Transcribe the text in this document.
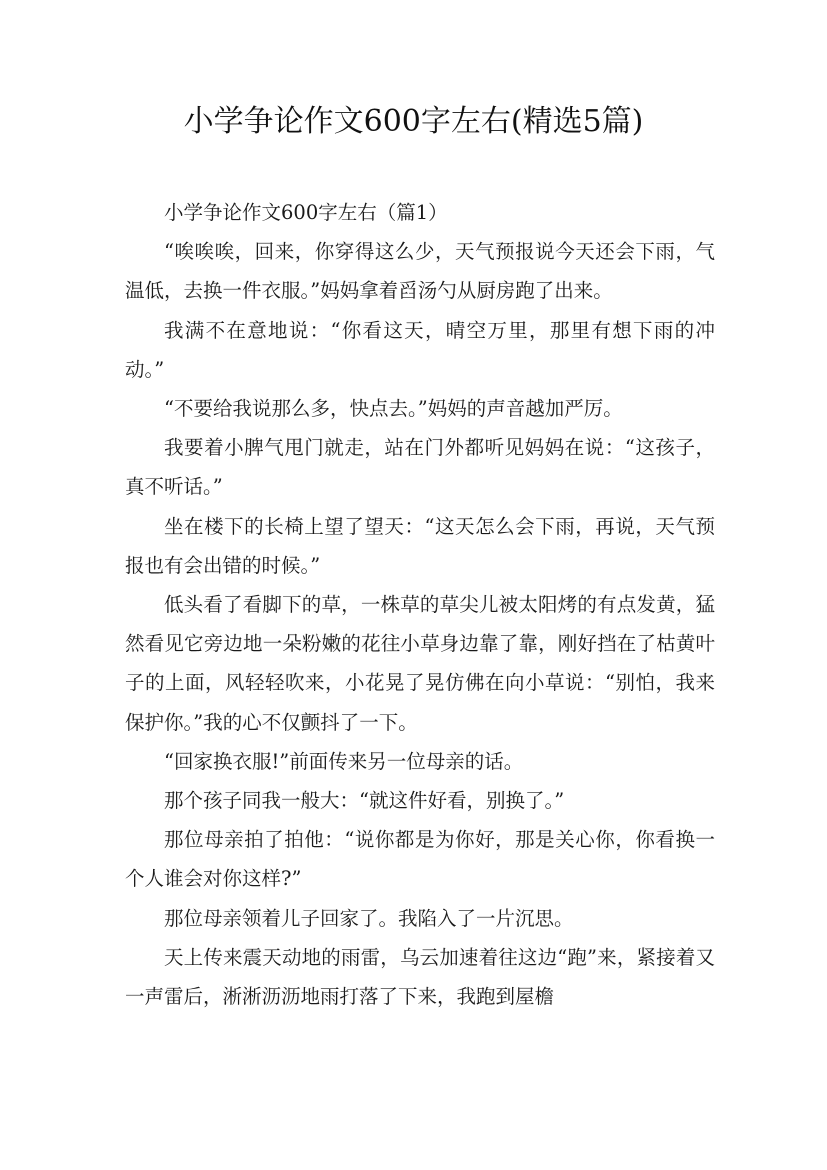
小学争论作文600字左右(精选5篇)

小学争论作文600字左右（篇1）

“唉唉唉，回来，你穿得这么少，天气预报说今天还会下雨，气温低，去换一件衣服。”妈妈拿着舀汤勺从厨房跑了出来。

我满不在意地说：“你看这天，晴空万里，那里有想下雨的冲动。”

“不要给我说那么多，快点去。”妈妈的声音越加严厉。

我要着小脾气甩门就走，站在门外都听见妈妈在说：“这孩子，真不听话。”

坐在楼下的长椅上望了望天：“这天怎么会下雨，再说，天气预报也有会出错的时候。”

低头看了看脚下的草，一株草的草尖儿被太阳烤的有点发黄，猛然看见它旁边地一朵粉嫩的花往小草身边靠了靠，刚好挡在了枯黄叶子的上面，风轻轻吹来，小花晃了晃仿佛在向小草说：“别怕，我来保护你。”我的心不仅颤抖了一下。

“回家换衣服!”前面传来另一位母亲的话。

那个孩子同我一般大：“就这件好看，别换了。”

那位母亲拍了拍他：“说你都是为你好，那是关心你，你看换一个人谁会对你这样?”

那位母亲领着儿子回家了。我陷入了一片沉思。

天上传来震天动地的雨雷，乌云加速着往这边“跑”来，紧接着又一声雷后，淅淅沥沥地雨打落了下来，我跑到屋檐
